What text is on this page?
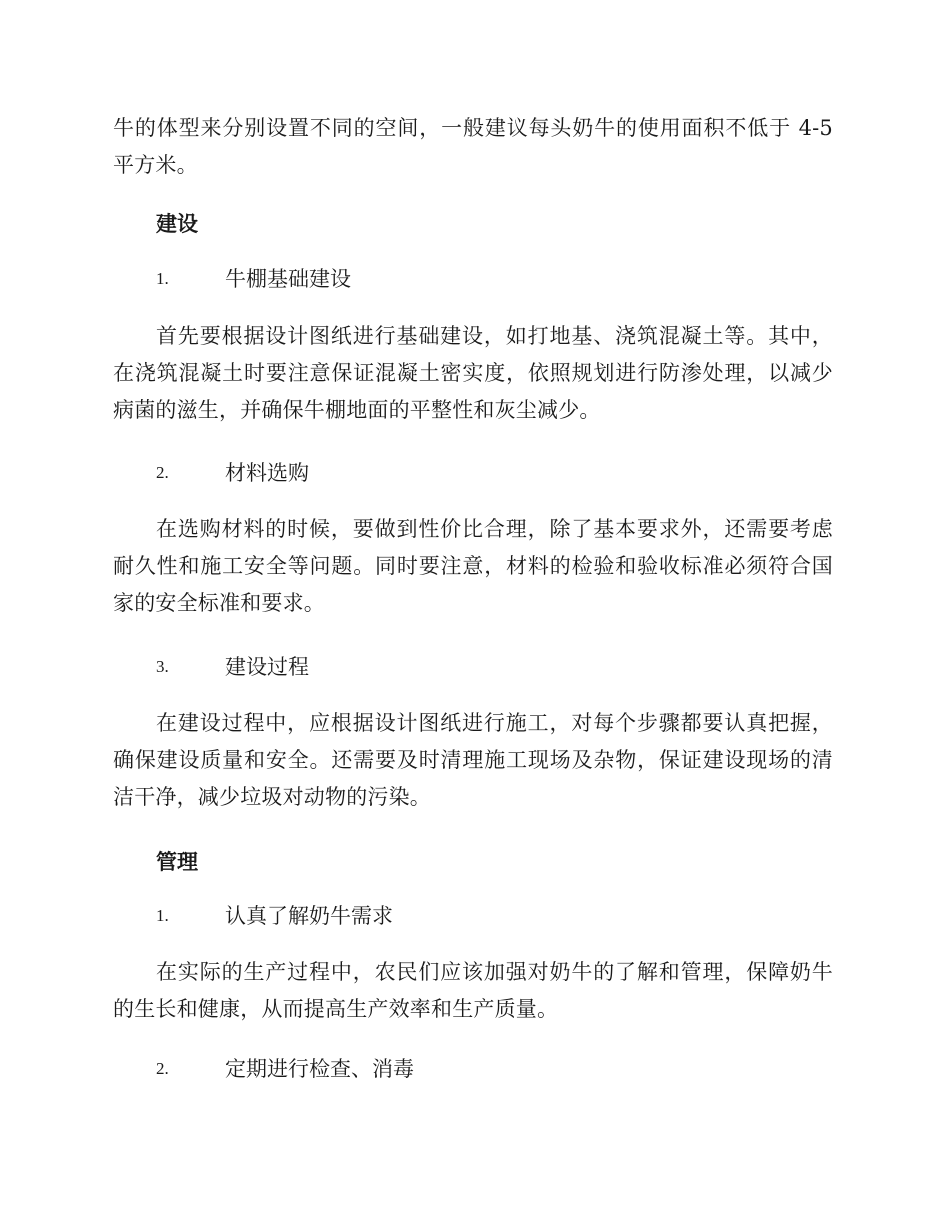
牛的体型来分别设置不同的空间，一般建议每头奶牛的使用面积不低于 4-5 平方米。

建设
1.	牛棚基础建设

首先要根据设计图纸进行基础建设，如打地基、浇筑混凝土等。其中，在浇筑混凝土时要注意保证混凝土密实度，依照规划进行防渗处理，以减少病菌的滋生，并确保牛棚地面的平整性和灰尘减少。

2.	材料选购

在选购材料的时候，要做到性价比合理，除了基本要求外，还需要考虑耐久性和施工安全等问题。同时要注意，材料的检验和验收标准必须符合国家的安全标准和要求。

3.	建设过程

在建设过程中，应根据设计图纸进行施工，对每个步骤都要认真把握，确保建设质量和安全。还需要及时清理施工现场及杂物，保证建设现场的清洁干净，减少垃圾对动物的污染。

管理
1.	认真了解奶牛需求

在实际的生产过程中，农民们应该加强对奶牛的了解和管理，保障奶牛的生长和健康，从而提高生产效率和生产质量。

2.	定期进行检查、消毒
